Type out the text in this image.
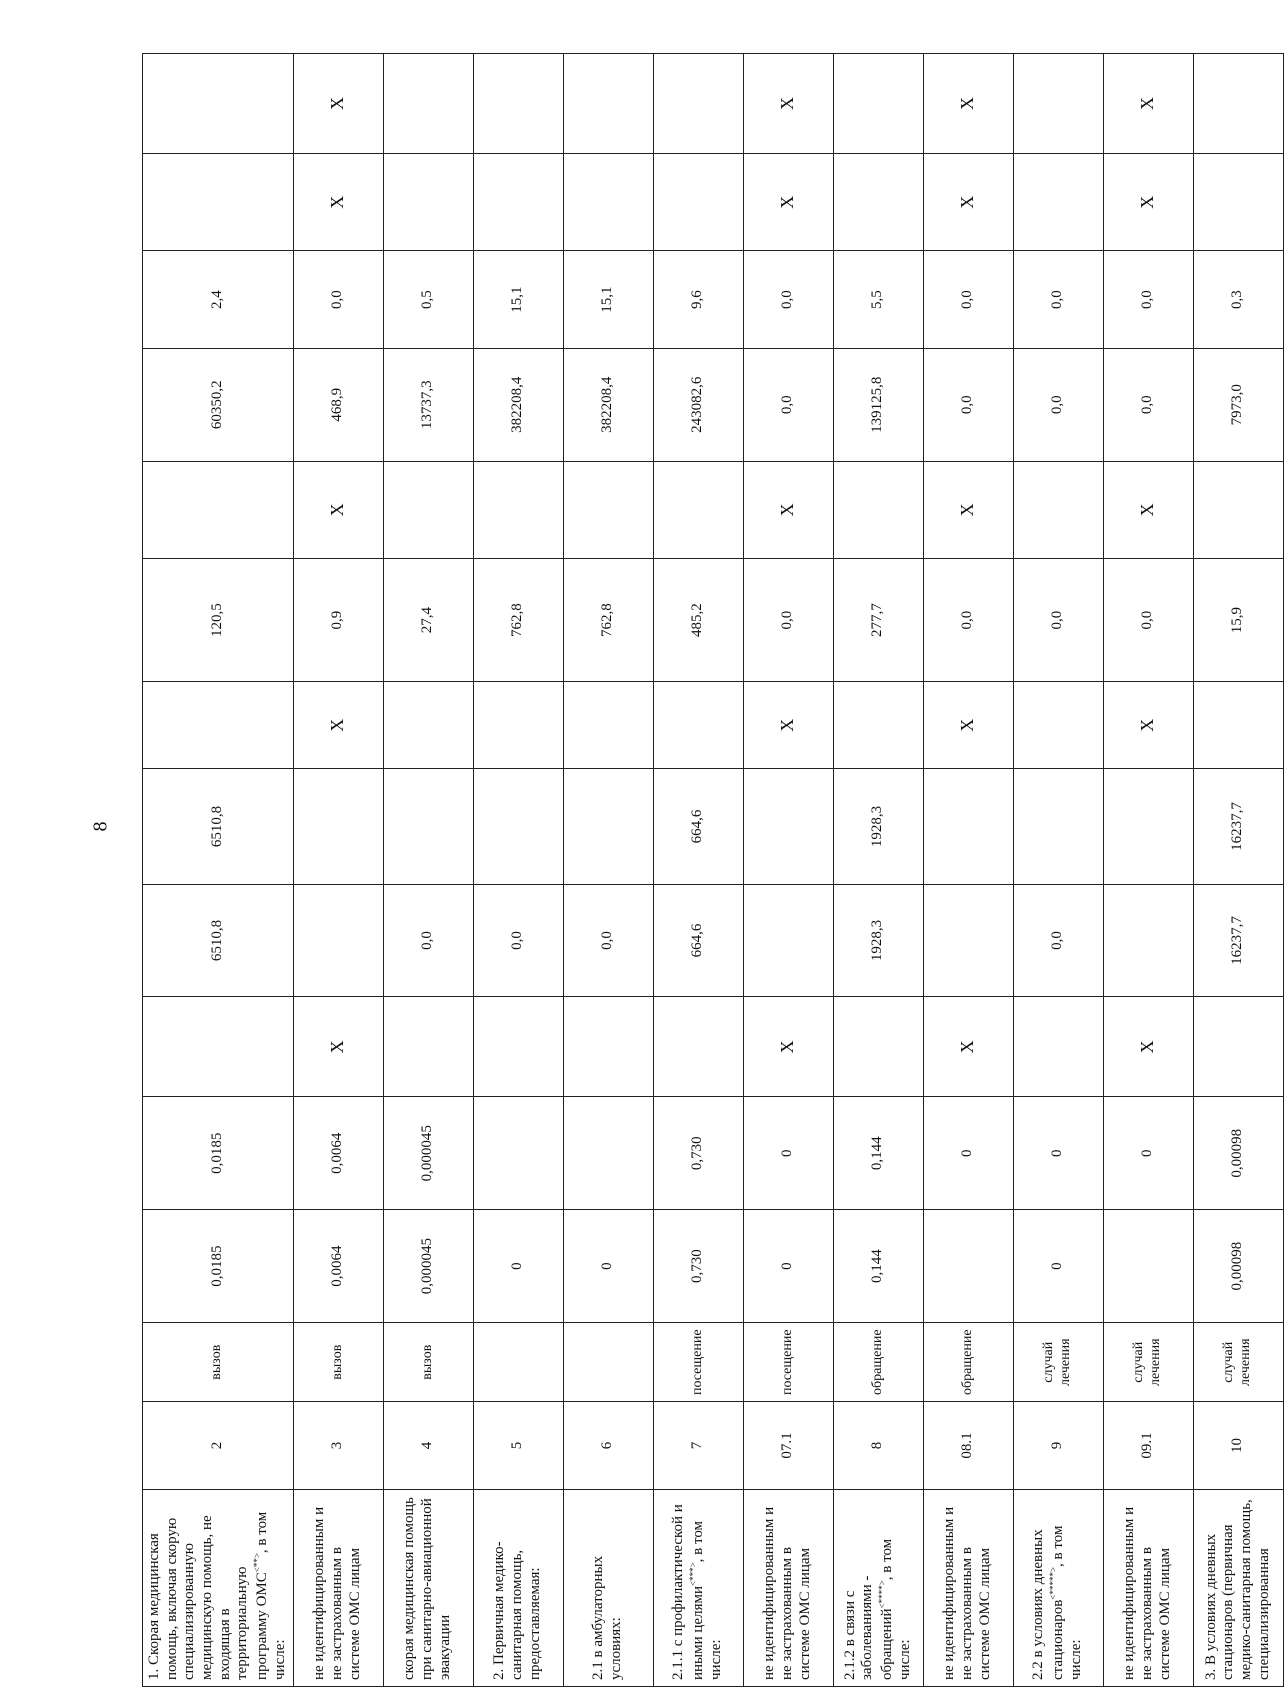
8
1. Скорая медицинская помощь, включая скорую специализированную медицинскую помощь, не входящая в территориальную программу ОМС<**>, в том числе:	2	вызов	0,0185	0,0185		6510,8	6510,8		120,5		60350,2	2,4		
не идентифицированным и не застрахованным в системе ОМС лицам	3	вызов	0,0064	0,0064	X			X	0,9	X	468,9	0,0	X	X
скорая медицинская помощь при санитарно-авиационной эвакуации	4	вызов	0,000045	0,000045		0,0			27,4		13737,3	0,5		
2. Первичная медико-санитарная помощь, предоставляемая:	5		0			0,0			762,8		382208,4	15,1		
2.1 в амбулаторных условиях:	6		0			0,0			762,8		382208,4	15,1		
2.1.1 с профилактической и иными целями<***>, в том числе:	7	посещение	0,730	0,730		664,6	664,6		485,2		243082,6	9,6		
не идентифицированным и не застрахованным в системе ОМС лицам	07.1	посещение	0	0	X			X	0,0	X	0,0	0,0	X	X
2.1.2 в связи с заболеваниями - обращений<****>, в том числе:	8	обращение	0,144	0,144		1928,3	1928,3		277,7		139125,8	5,5		
не идентифицированным и не застрахованным в системе ОМС лицам	08.1	обращение		0	X			X	0,0	X	0,0	0,0	X	X
2.2 в условиях дневных стационаров<*****>, в том числе:	9	случай лечения	0	0		0,0			0,0		0,0	0,0		
не идентифицированным и не застрахованным в системе ОМС лицам	09.1	случай лечения		0	X			X	0,0	X	0,0	0,0	X	X
3. В условиях дневных стационаров (первичная медико-санитарная помощь, специализированная	10	случай лечения	0,00098	0,00098		16237,7	16237,7		15,9		7973,0	0,3		
